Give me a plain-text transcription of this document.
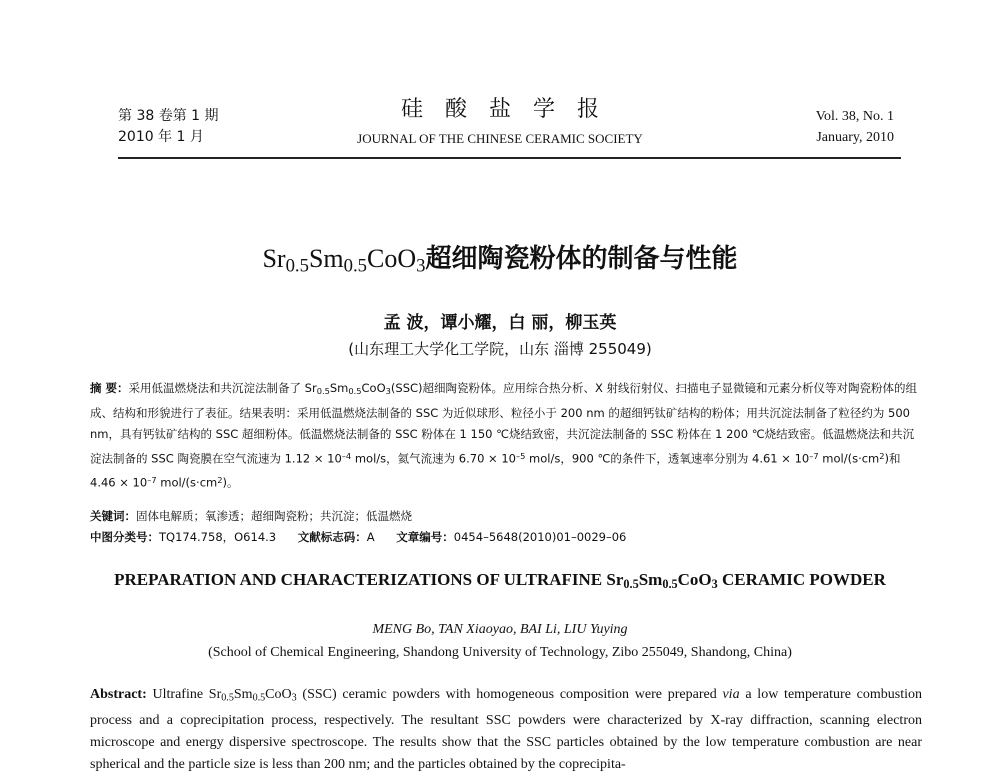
第 38 卷第 1 期
2010 年 1 月
硅酸盐学报
JOURNAL OF THE CHINESE CERAMIC SOCIETY
Vol. 38, No. 1
January, 2010
$Sr_{0.5}Sm_{0.5}CoO_3$超细陶瓷粉体的制备与性能
孟 波，谭小耀，白 丽，柳玉英
(山东理工大学化工学院，山东 淄博 255049)
摘 要：采用低温燃烧法和共沉淀法制备了 $Sr_{0.5}Sm_{0.5}CoO_3(SSC)$超细陶瓷粉体。应用综合热分析、X 射线衍射仪、扫描电子显微镜和元素分析仪等对陶瓷粉体的组成、结构和形貌进行了表征。结果表明：采用低温燃烧法制备的 SSC 为近似球形、粒径小于 200 nm 的超细钙钛矿结构的粉体；用共沉淀法制备了粒径约为 500 nm，具有钙钛矿结构的 SSC 超细粉体。低温燃烧法制备的 SSC 粉体在 1 150 ℃烧结致密，共沉淀法制备的 SSC 粉体在 1 200 ℃烧结致密。低温燃烧法和共沉淀法制备的 SSC 陶瓷膜在空气流速为 $1.12 \times 10^{-4}$ mol/s，氦气流速为 $6.70 \times 10^{-5}$ mol/s，900 ℃的条件下，透氧速率分别为 $4.61 \times 10^{-7}$ mol/$(s\cdot cm^2)$和 $4.46 \times 10^{-7}$ mol/$(s\cdot cm^2)$。
关键词：固体电解质；氧渗透；超细陶瓷粉；共沉淀；低温燃烧
中图分类号：TQ174.758，O614.3 文献标志码：A 文章编号：0454–5648(2010)01–0029–06
PREPARATION AND CHARACTERIZATIONS OF ULTRAFINE $Sr_{0.5}Sm_{0.5}CoO_3$ CERAMIC POWDER
MENG Bo, TAN Xiaoyao, BAI Li, LIU Yuying
(School of Chemical Engineering, Shandong University of Technology, Zibo 255049, Shandong, China)
Abstract: Ultrafine $Sr_{0.5}Sm_{0.5}CoO_3$ (SSC) ceramic powders with homogeneous composition were prepared via a low temperature combustion process and a coprecipitation process, respectively. The resultant SSC powders were characterized by X-ray diffraction, scanning electron microscope and energy dispersive spectroscope. The results show that the SSC particles obtained by the low temperature combustion are near spherical and the particle size is less than 200 nm; and the particles obtained by the coprecipita-
